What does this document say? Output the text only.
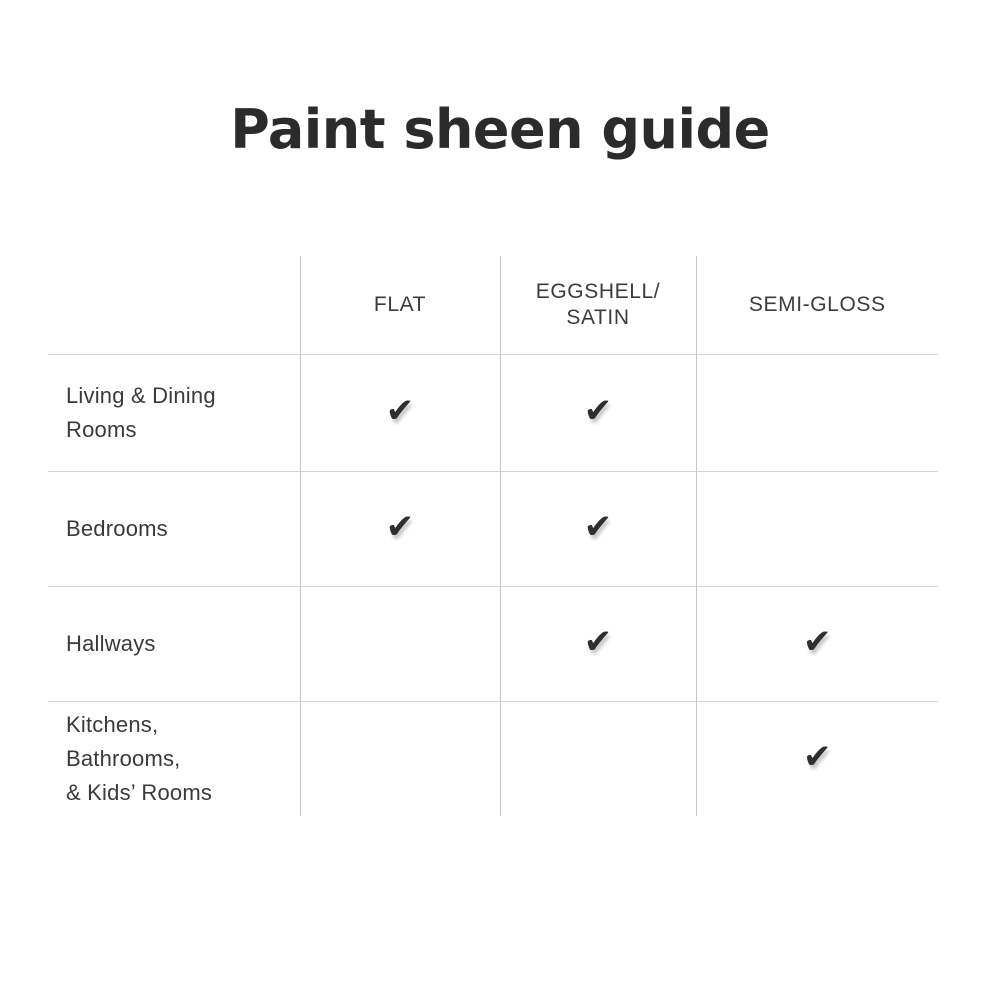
Paint sheen guide

	FLAT	EGGSHELL/
SATIN	SEMI-GLOSS

Living & Dining
Rooms	✔	✔	

Bedrooms	✔	✔	

Hallways		✔	✔

Kitchens,
Bathrooms,
& Kids’ Rooms			✔
